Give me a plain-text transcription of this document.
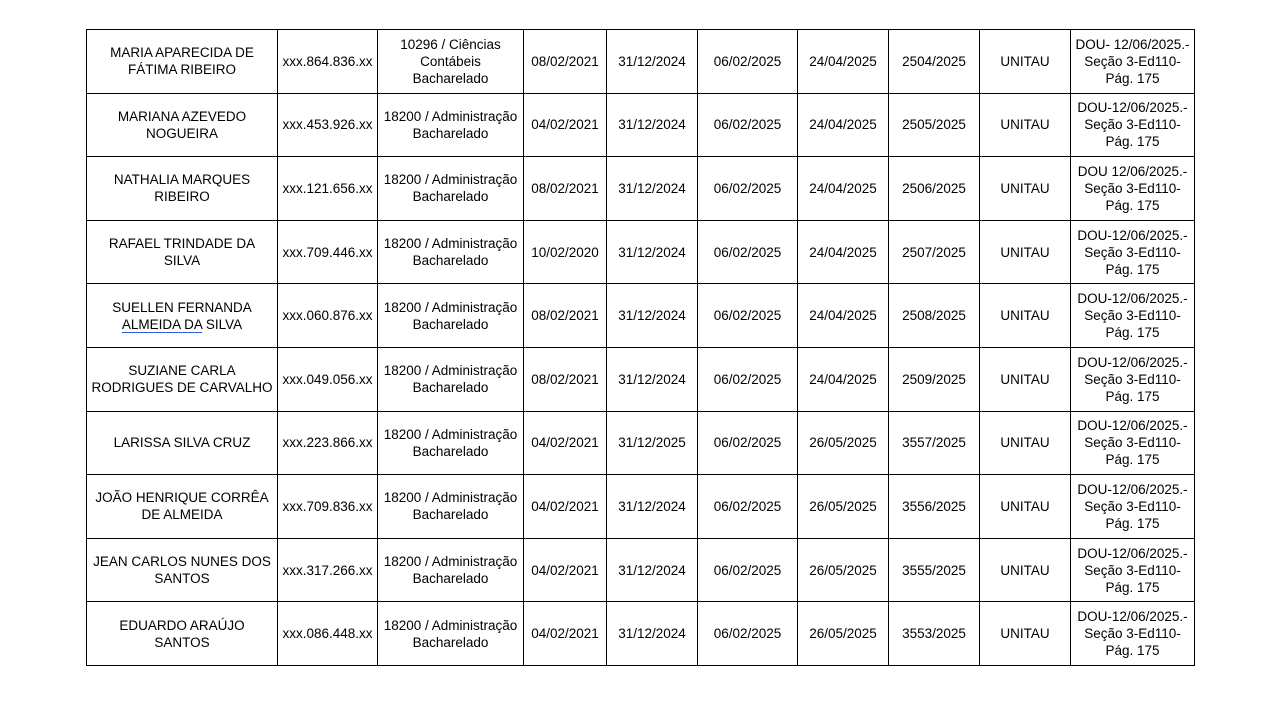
MARIA APARECIDA DE
FÁTIMA RIBEIRO	xxx.864.836.xx	10296 / Ciências
Contábeis
Bacharelado	08/02/2021	31/12/2024	06/02/2025	24/04/2025	2504/2025	UNITAU	DOU- 12/06/2025.-
Seção 3-Ed110-
Pág. 175

MARIANA AZEVEDO
NOGUEIRA	xxx.453.926.xx	18200 / Administração
Bacharelado	04/02/2021	31/12/2024	06/02/2025	24/04/2025	2505/2025	UNITAU	DOU-12/06/2025.-
Seção 3-Ed110-
Pág. 175

NATHALIA MARQUES
RIBEIRO	xxx.121.656.xx	18200 / Administração
Bacharelado	08/02/2021	31/12/2024	06/02/2025	24/04/2025	2506/2025	UNITAU	DOU 12/06/2025.-
Seção 3-Ed110-
Pág. 175

RAFAEL TRINDADE DA
SILVA	xxx.709.446.xx	18200 / Administração
Bacharelado	10/02/2020	31/12/2024	06/02/2025	24/04/2025	2507/2025	UNITAU	DOU-12/06/2025.-
Seção 3-Ed110-
Pág. 175

SUELLEN FERNANDA
ALMEIDA DA SILVA	xxx.060.876.xx	18200 / Administração
Bacharelado	08/02/2021	31/12/2024	06/02/2025	24/04/2025	2508/2025	UNITAU	DOU-12/06/2025.-
Seção 3-Ed110-
Pág. 175

SUZIANE CARLA
RODRIGUES DE CARVALHO	xxx.049.056.xx	18200 / Administração
Bacharelado	08/02/2021	31/12/2024	06/02/2025	24/04/2025	2509/2025	UNITAU	DOU-12/06/2025.-
Seção 3-Ed110-
Pág. 175

LARISSA SILVA CRUZ	xxx.223.866.xx	18200 / Administração
Bacharelado	04/02/2021	31/12/2025	06/02/2025	26/05/2025	3557/2025	UNITAU	DOU-12/06/2025.-
Seção 3-Ed110-
Pág. 175

JOÃO HENRIQUE CORRÊA
DE ALMEIDA	xxx.709.836.xx	18200 / Administração
Bacharelado	04/02/2021	31/12/2024	06/02/2025	26/05/2025	3556/2025	UNITAU	DOU-12/06/2025.-
Seção 3-Ed110-
Pág. 175

JEAN CARLOS NUNES DOS
SANTOS	xxx.317.266.xx	18200 / Administração
Bacharelado	04/02/2021	31/12/2024	06/02/2025	26/05/2025	3555/2025	UNITAU	DOU-12/06/2025.-
Seção 3-Ed110-
Pág. 175

EDUARDO ARAÚJO
SANTOS	xxx.086.448.xx	18200 / Administração
Bacharelado	04/02/2021	31/12/2024	06/02/2025	26/05/2025	3553/2025	UNITAU	DOU-12/06/2025.-
Seção 3-Ed110-
Pág. 175
